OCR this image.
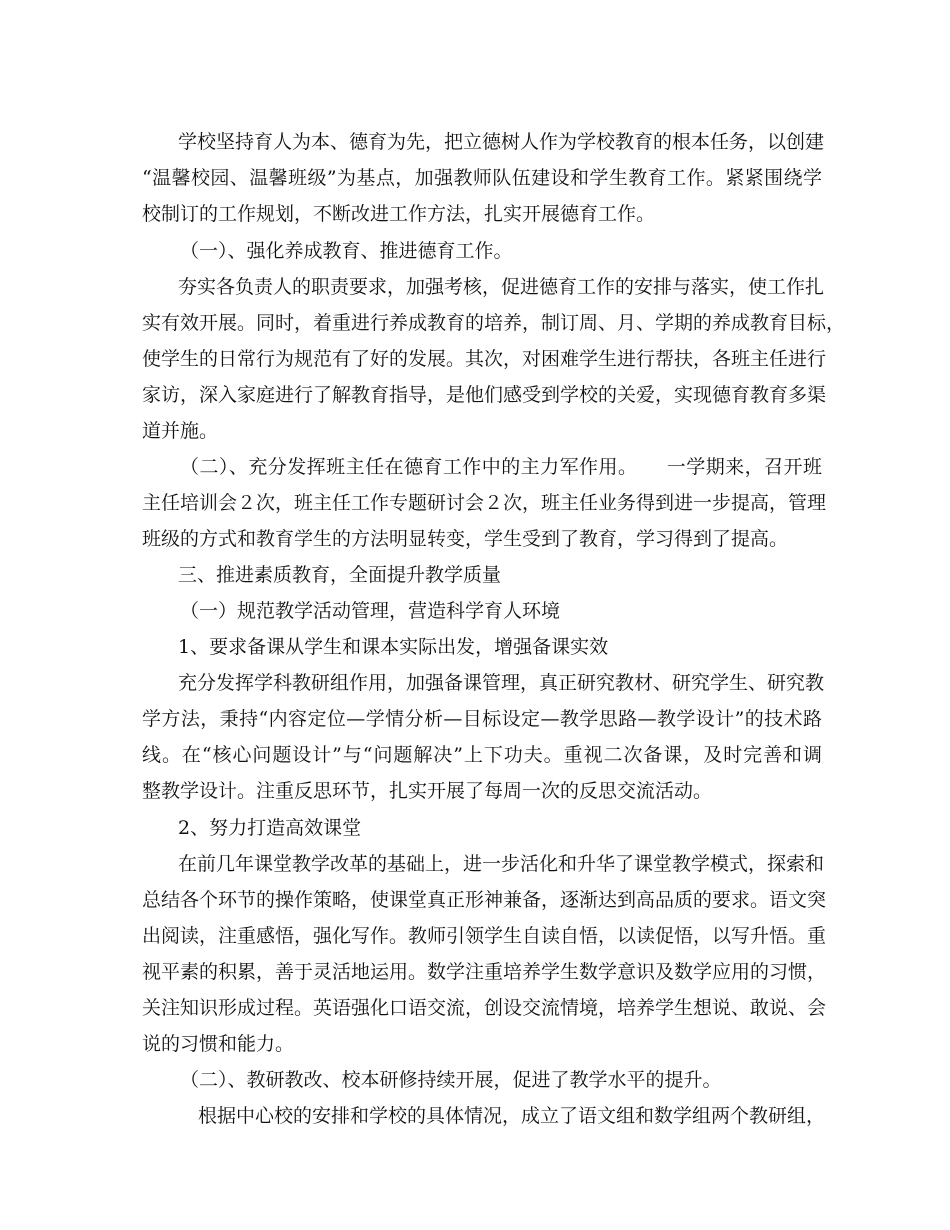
学校坚持育人为本、德育为先，把立德树人作为学校教育的根本任务，以创建
“温馨校园、温馨班级”为基点，加强教师队伍建设和学生教育工作。紧紧围绕学
校制订的工作规划，不断改进工作方法，扎实开展德育工作。
（一）、强化养成教育、推进德育工作。
夯实各负责人的职责要求，加强考核，促进德育工作的安排与落实，使工作扎
实有效开展。同时，着重进行养成教育的培养，制订周、月、学期的养成教育目标，
使学生的日常行为规范有了好的发展。其次，对困难学生进行帮扶，各班主任进行
家访，深入家庭进行了解教育指导，是他们感受到学校的关爱，实现德育教育多渠
道并施。
（二）、充分发挥班主任在德育工作中的主力军作用。　　一学期来，召开班
主任培训会２次，班主任工作专题研讨会２次，班主任业务得到进一步提高，管理
班级的方式和教育学生的方法明显转变，学生受到了教育，学习得到了提高。
三、推进素质教育，全面提升教学质量
（一）规范教学活动管理，营造科学育人环境
1、要求备课从学生和课本实际出发，增强备课实效
充分发挥学科教研组作用，加强备课管理，真正研究教材、研究学生、研究教
学方法，秉持“内容定位—学情分析—目标设定—教学思路—教学设计”的技术路
线。在“核心问题设计”与“问题解决”上下功夫。重视二次备课，及时完善和调
整教学设计。注重反思环节，扎实开展了每周一次的反思交流活动。
2、努力打造高效课堂
在前几年课堂教学改革的基础上，进一步活化和升华了课堂教学模式，探索和
总结各个环节的操作策略，使课堂真正形神兼备，逐渐达到高品质的要求。语文突
出阅读，注重感悟，强化写作。教师引领学生自读自悟，以读促悟，以写升悟。重
视平素的积累，善于灵活地运用。数学注重培养学生数学意识及数学应用的习惯，
关注知识形成过程。英语强化口语交流，创设交流情境，培养学生想说、敢说、会
说的习惯和能力。
（二）、教研教改、校本研修持续开展，促进了教学水平的提升。
根据中心校的安排和学校的具体情况，成立了语文组和数学组两个教研组，
